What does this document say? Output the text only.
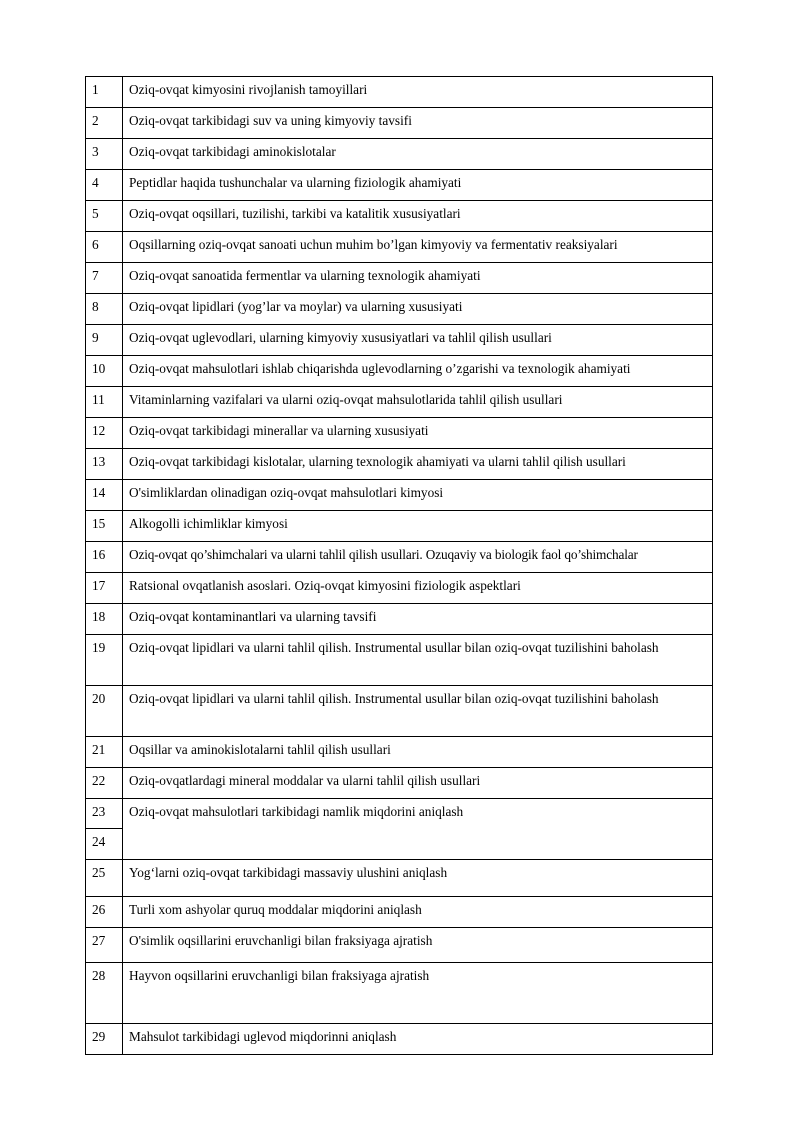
1	Oziq-ovqat kimyosini rivojlanish tamoyillari
2	Oziq-ovqat tarkibidagi suv va uning kimyoviy tavsifi
3	Oziq-ovqat tarkibidagi aminokislotalar
4	Peptidlar haqida tushunchalar va ularning fiziologik ahamiyati
5	Oziq-ovqat oqsillari, tuzilishi, tarkibi va katalitik xususiyatlari
6	Oqsillarning oziq-ovqat sanoati uchun muhim bo’lgan kimyoviy va fermentativ reaksiyalari
7	Oziq-ovqat sanoatida fermentlar va ularning texnologik ahamiyati
8	Oziq-ovqat lipidlari (yog’lar va moylar) va ularning xususiyati
9	Oziq-ovqat uglevodlari, ularning kimyoviy xususiyatlari va tahlil qilish usullari
10	Oziq-ovqat mahsulotlari ishlab chiqarishda uglevodlarning o’zgarishi va texnologik ahamiyati
11	Vitaminlarning vazifalari va ularni oziq-ovqat mahsulotlarida tahlil qilish usullari
12	Oziq-ovqat tarkibidagi minerallar va ularning xususiyati
13	Oziq-ovqat tarkibidagi kislotalar, ularning texnologik ahamiyati va ularni tahlil qilish usullari
14	O'simliklardan olinadigan oziq-ovqat mahsulotlari kimyosi
15	Alkogolli ichimliklar kimyosi
16	Oziq-ovqat qo’shimchalari va ularni tahlil qilish usullari. Ozuqaviy va biologik faol qo’shimchalar
17	Ratsional ovqatlanish asoslari. Oziq-ovqat kimyosini fiziologik aspektlari
18	Oziq-ovqat kontaminantlari va ularning tavsifi
19	Oziq-ovqat lipidlari va ularni tahlil qilish. Instrumental usullar bilan oziq-ovqat tuzilishini baholash
20	Oziq-ovqat lipidlari va ularni tahlil qilish. Instrumental usullar bilan oziq-ovqat tuzilishini baholash
21	Oqsillar va aminokislotalarni tahlil qilish usullari
22	Oziq-ovqatlardagi mineral moddalar va ularni tahlil qilish usullari
23	Oziq-ovqat mahsulotlari tarkibidagi namlik miqdorini aniqlash
24	
25	Yog‘larni oziq-ovqat tarkibidagi massaviy ulushini aniqlash
26	Turli xom ashyolar quruq moddalar miqdorini aniqlash
27	O'simlik oqsillarini eruvchanligi bilan fraksiyaga ajratish
28	Hayvon oqsillarini eruvchanligi bilan fraksiyaga ajratish
29	Mahsulot tarkibidagi uglevod miqdorinni aniqlash
